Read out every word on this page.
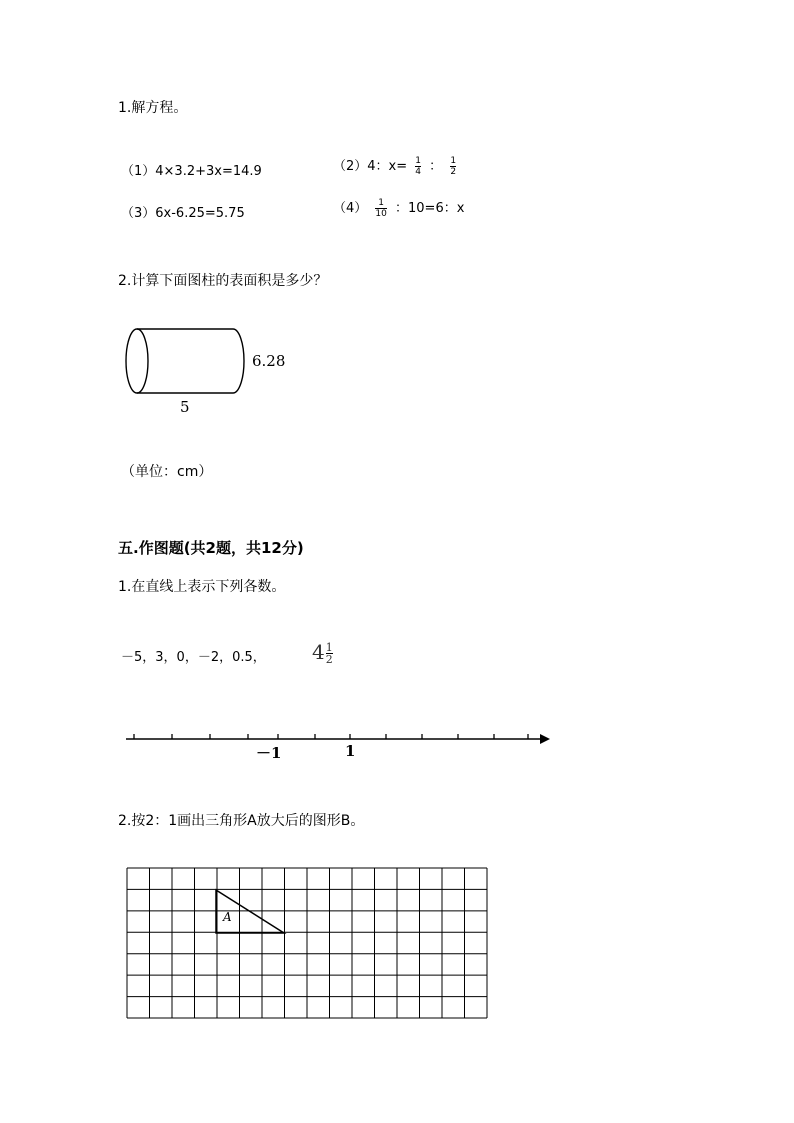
1.解方程。
（1）4×3.2+3x=14.9	（2）4：$x= \frac{1}{4}$ ： $\frac{1}{2}$
（3）6x-6.25=5.75	$(4) \frac{1}{10}$ ：10=6：x
2.计算下面图柱的表面积是多少？
6.28
5
（单位：cm）
五.作图题(共2题，共12分)
1.在直线上表示下列各数。
－5，3，0，－2，0.5， $4 \frac{1}{2}$
－1	1
2.按2：1画出三角形A放大后的图形B。
A
